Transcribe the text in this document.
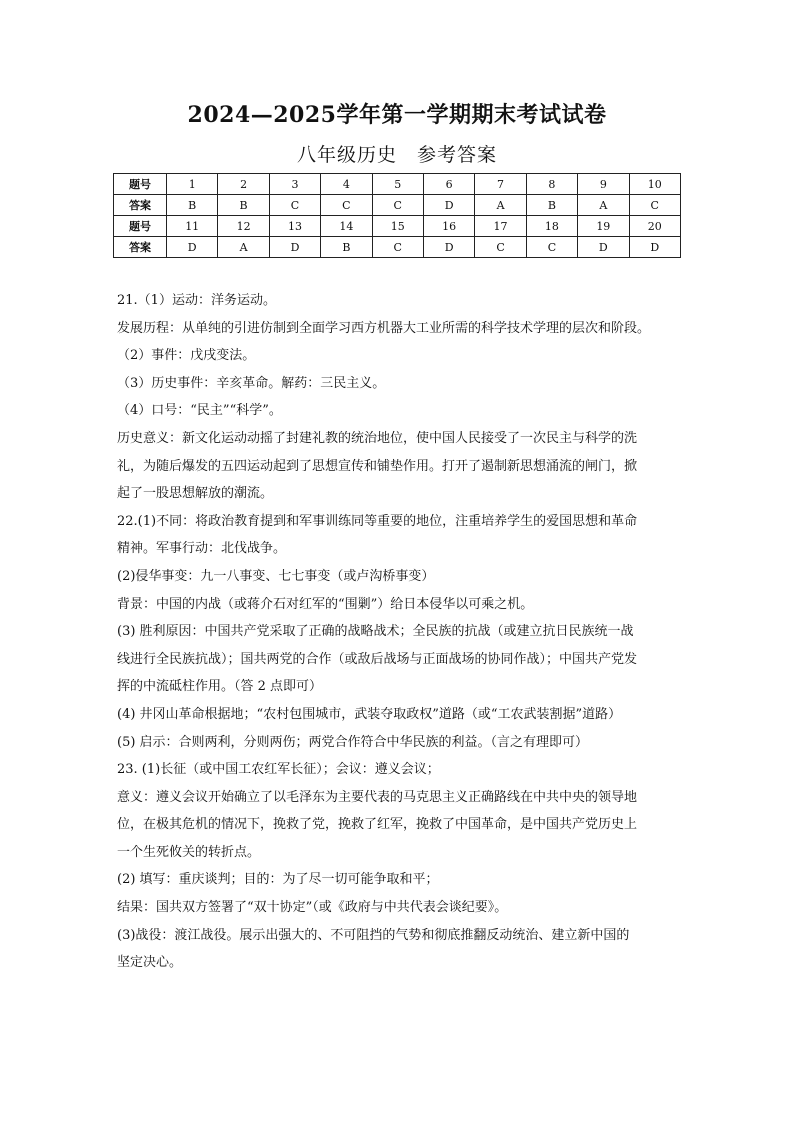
2024—2025学年第一学期期末考试试卷
八年级历史　参考答案
题号	1	2	3	4	5	6	7	8	9	10
答案	B	B	C	C	C	D	A	B	A	C
题号	11	12	13	14	15	16	17	18	19	20
答案	D	A	D	B	C	D	C	C	D	D

21.（1）运动：洋务运动。

发展历程：从单纯的引进仿制到全面学习西方机器大工业所需的科学技术学理的层次和阶段。

（2）事件：戊戌变法。

（3）历史事件：辛亥革命。解药：三民主义。

（4）口号：“民主”“科学”。

历史意义：新文化运动动摇了封建礼教的统治地位，使中国人民接受了一次民主与科学的洗

礼，为随后爆发的五四运动起到了思想宣传和铺垫作用。打开了遏制新思想涌流的闸门，掀

起了一股思想解放的潮流。

22.(1)不同：将政治教育提到和军事训练同等重要的地位，注重培养学生的爱国思想和革命

精神。军事行动：北伐战争。

(2)侵华事变：九一八事变、七七事变（或卢沟桥事变）

背景：中国的内战（或蒋介石对红军的“围剿”）给日本侵华以可乘之机。

(3) 胜利原因：中国共产党采取了正确的战略战术；全民族的抗战（或建立抗日民族统一战

线进行全民族抗战）；国共两党的合作（或敌后战场与正面战场的协同作战）；中国共产党发

挥的中流砥柱作用。（答 2 点即可）

(4) 井冈山革命根据地；“农村包围城市，武装夺取政权”道路（或“工农武装割据”道路）

(5) 启示：合则两利，分则两伤；两党合作符合中华民族的利益。（言之有理即可）

23. (1)长征（或中国工农红军长征）；会议：遵义会议；

意义：遵义会议开始确立了以毛泽东为主要代表的马克思主义正确路线在中共中央的领导地

位，在极其危机的情况下，挽救了党，挽救了红军，挽救了中国革命，是中国共产党历史上

一个生死攸关的转折点。

(2) 填写：重庆谈判；目的：为了尽一切可能争取和平；

结果：国共双方签署了“双十协定”（或《政府与中共代表会谈纪要》。

(3)战役：渡江战役。展示出强大的、不可阻挡的气势和彻底推翻反动统治、建立新中国的

坚定决心。
